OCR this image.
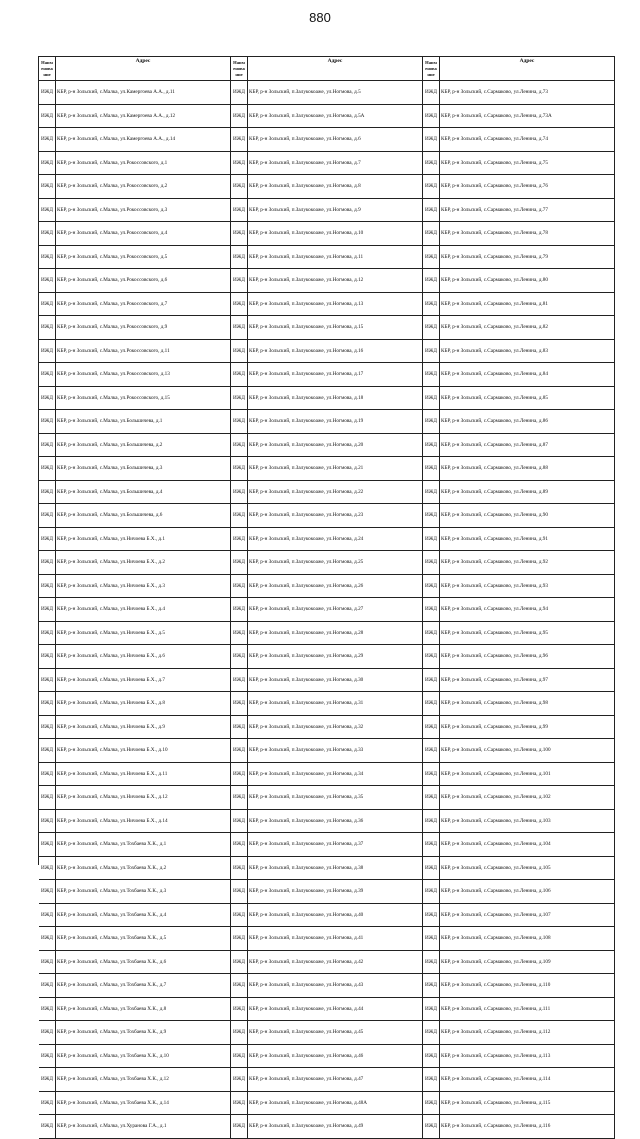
880
Наим енова ние
Адрес
ИЖД КБР, р-н Зольский, с.Малка, ул.Камергоева А.А., д.11
ИЖД КБР, р-н Зольский, с.Малка, ул.Камергоева А.А., д.12
ИЖД КБР, р-н Зольский, с.Малка, ул.Камергоева А.А., д.14
ИЖД КБР, р-н Зольский, с.Малка, ул.Рокоссовского, д.1
ИЖД КБР, р-н Зольский, с.Малка, ул.Рокоссовского, д.2
ИЖД КБР, р-н Зольский, с.Малка, ул.Рокоссовского, д.3
ИЖД КБР, р-н Зольский, с.Малка, ул.Рокоссовского, д.4
ИЖД КБР, р-н Зольский, с.Малка, ул.Рокоссовского, д.5
ИЖД КБР, р-н Зольский, с.Малка, ул.Рокоссовского, д.6
ИЖД КБР, р-н Зольский, с.Малка, ул.Рокоссовского, д.7
ИЖД КБР, р-н Зольский, с.Малка, ул.Рокоссовского, д.9
ИЖД КБР, р-н Зольский, с.Малка, ул.Рокоссовского, д.11
ИЖД КБР, р-н Зольский, с.Малка, ул.Рокоссовского, д.13
ИЖД КБР, р-н Зольский, с.Малка, ул.Рокоссовского, д.15
ИЖД КБР, р-н Зольский, с.Малка, ул.Большичева, д.1
ИЖД КБР, р-н Зольский, с.Малка, ул.Большичева, д.2
ИЖД КБР, р-н Зольский, с.Малка, ул.Большичева, д.3
ИЖД КБР, р-н Зольский, с.Малка, ул.Большичева, д.4
ИЖД КБР, р-н Зольский, с.Малка, ул.Большичева, д.6
ИЖД КБР, р-н Зольский, с.Малка, ул.Ничоева Б.Х., д.1
ИЖД КБР, р-н Зольский, с.Малка, ул.Ничоева Б.Х., д.2
ИЖД КБР, р-н Зольский, с.Малка, ул.Ничоева Б.Х., д.3
ИЖД КБР, р-н Зольский, с.Малка, ул.Ничоева Б.Х., д.4
ИЖД КБР, р-н Зольский, с.Малка, ул.Ничоева Б.Х., д.5
ИЖД КБР, р-н Зольский, с.Малка, ул.Ничоева Б.Х., д.6
ИЖД КБР, р-н Зольский, с.Малка, ул.Ничоева Б.Х., д.7
ИЖД КБР, р-н Зольский, с.Малка, ул.Ничоева Б.Х., д.8
ИЖД КБР, р-н Зольский, с.Малка, ул.Ничоева Б.Х., д.9
ИЖД КБР, р-н Зольский, с.Малка, ул.Ничоева Б.Х., д.10
ИЖД КБР, р-н Зольский, с.Малка, ул.Ничоева Б.Х., д.11
ИЖД КБР, р-н Зольский, с.Малка, ул.Ничоева Б.Х., д.12
ИЖД КБР, р-н Зольский, с.Малка, ул.Ничоева Б.Х., д.14
ИЖД КБР, р-н Зольский, с.Малка, ул.Тохбаева Х.К., д.1
ИЖД КБР, р-н Зольский, с.Малка, ул.Тохбаева Х.К., д.2
ИЖД КБР, р-н Зольский, с.Малка, ул.Тохбаева Х.К., д.3
ИЖД КБР, р-н Зольский, с.Малка, ул.Тохбаева Х.К., д.4
ИЖД КБР, р-н Зольский, с.Малка, ул.Тохбаева Х.К., д.5
ИЖД КБР, р-н Зольский, с.Малка, ул.Тохбаева Х.К., д.6
ИЖД КБР, р-н Зольский, с.Малка, ул.Тохбаева Х.К., д.7
ИЖД КБР, р-н Зольский, с.Малка, ул.Тохбаева Х.К., д.8
ИЖД КБР, р-н Зольский, с.Малка, ул.Тохбаева Х.К., д.9
ИЖД КБР, р-н Зольский, с.Малка, ул.Тохбаева Х.К., д.10
ИЖД КБР, р-н Зольский, с.Малка, ул.Тохбаева Х.К., д.12
ИЖД КБР, р-н Зольский, с.Малка, ул.Тохбаева Х.К., д.14
ИЖД КБР, р-н Зольский, с.Малка, ул.Хуранова Г.А., д.1
Наим енова ние
Адрес
ИЖД КБР, р-н Зольский, п.Залукокоаже, ул.Ногмова, д.5
ИЖД КБР, р-н Зольский, п.Залукокоаже, ул.Ногмова, д.5А
ИЖД КБР, р-н Зольский, п.Залукокоаже, ул.Ногмова, д.6
ИЖД КБР, р-н Зольский, п.Залукокоаже, ул.Ногмова, д.7
ИЖД КБР, р-н Зольский, п.Залукокоаже, ул.Ногмова, д.8
ИЖД КБР, р-н Зольский, п.Залукокоаже, ул.Ногмова, д.9
ИЖД КБР, р-н Зольский, п.Залукокоаже, ул.Ногмова, д.10
ИЖД КБР, р-н Зольский, п.Залукокоаже, ул.Ногмова, д.11
ИЖД КБР, р-н Зольский, п.Залукокоаже, ул.Ногмова, д.12
ИЖД КБР, р-н Зольский, п.Залукокоаже, ул.Ногмова, д.13
ИЖД КБР, р-н Зольский, п.Залукокоаже, ул.Ногмова, д.15
ИЖД КБР, р-н Зольский, п.Залукокоаже, ул.Ногмова, д.16
ИЖД КБР, р-н Зольский, п.Залукокоаже, ул.Ногмова, д.17
ИЖД КБР, р-н Зольский, п.Залукокоаже, ул.Ногмова, д.18
ИЖД КБР, р-н Зольский, п.Залукокоаже, ул.Ногмова, д.19
ИЖД КБР, р-н Зольский, п.Залукокоаже, ул.Ногмова, д.20
ИЖД КБР, р-н Зольский, п.Залукокоаже, ул.Ногмова, д.21
ИЖД КБР, р-н Зольский, п.Залукокоаже, ул.Ногмова, д.22
ИЖД КБР, р-н Зольский, п.Залукокоаже, ул.Ногмова, д.23
ИЖД КБР, р-н Зольский, п.Залукокоаже, ул.Ногмова, д.24
ИЖД КБР, р-н Зольский, п.Залукокоаже, ул.Ногмова, д.25
ИЖД КБР, р-н Зольский, п.Залукокоаже, ул.Ногмова, д.26
ИЖД КБР, р-н Зольский, п.Залукокоаже, ул.Ногмова, д.27
ИЖД КБР, р-н Зольский, п.Залукокоаже, ул.Ногмова, д.28
ИЖД КБР, р-н Зольский, п.Залукокоаже, ул.Ногмова, д.29
ИЖД КБР, р-н Зольский, п.Залукокоаже, ул.Ногмова, д.30
ИЖД КБР, р-н Зольский, п.Залукокоаже, ул.Ногмова, д.31
ИЖД КБР, р-н Зольский, п.Залукокоаже, ул.Ногмова, д.32
ИЖД КБР, р-н Зольский, п.Залукокоаже, ул.Ногмова, д.33
ИЖД КБР, р-н Зольский, п.Залукокоаже, ул.Ногмова, д.34
ИЖД КБР, р-н Зольский, п.Залукокоаже, ул.Ногмова, д.35
ИЖД КБР, р-н Зольский, п.Залукокоаже, ул.Ногмова, д.36
ИЖД КБР, р-н Зольский, п.Залукокоаже, ул.Ногмова, д.37
ИЖД КБР, р-н Зольский, п.Залукокоаже, ул.Ногмова, д.38
ИЖД КБР, р-н Зольский, п.Залукокоаже, ул.Ногмова, д.39
ИЖД КБР, р-н Зольский, п.Залукокоаже, ул.Ногмова, д.40
ИЖД КБР, р-н Зольский, п.Залукокоаже, ул.Ногмова, д.41
ИЖД КБР, р-н Зольский, п.Залукокоаже, ул.Ногмова, д.42
ИЖД КБР, р-н Зольский, п.Залукокоаже, ул.Ногмова, д.43
ИЖД КБР, р-н Зольский, п.Залукокоаже, ул.Ногмова, д.44
ИЖД КБР, р-н Зольский, п.Залукокоаже, ул.Ногмова, д.45
ИЖД КБР, р-н Зольский, п.Залукокоаже, ул.Ногмова, д.46
ИЖД КБР, р-н Зольский, п.Залукокоаже, ул.Ногмова, д.47
ИЖД КБР, р-н Зольский, п.Залукокоаже, ул.Ногмова, д.48А
ИЖД КБР, р-н Зольский, п.Залукокоаже, ул.Ногмова, д.49
Наим енова ние
Адрес
ИЖД КБР, р-н Зольский, с.Сармаково, ул.Ленина, д.73
ИЖД КБР, р-н Зольский, с.Сармаково, ул.Ленина, д.73А
ИЖД КБР, р-н Зольский, с.Сармаково, ул.Ленина, д.74
ИЖД КБР, р-н Зольский, с.Сармаково, ул.Ленина, д.75
ИЖД КБР, р-н Зольский, с.Сармаково, ул.Ленина, д.76
ИЖД КБР, р-н Зольский, с.Сармаково, ул.Ленина, д.77
ИЖД КБР, р-н Зольский, с.Сармаково, ул.Ленина, д.78
ИЖД КБР, р-н Зольский, с.Сармаково, ул.Ленина, д.79
ИЖД КБР, р-н Зольский, с.Сармаково, ул.Ленина, д.80
ИЖД КБР, р-н Зольский, с.Сармаково, ул.Ленина, д.81
ИЖД КБР, р-н Зольский, с.Сармаково, ул.Ленина, д.82
ИЖД КБР, р-н Зольский, с.Сармаково, ул.Ленина, д.83
ИЖД КБР, р-н Зольский, с.Сармаково, ул.Ленина, д.84
ИЖД КБР, р-н Зольский, с.Сармаково, ул.Ленина, д.85
ИЖД КБР, р-н Зольский, с.Сармаково, ул.Ленина, д.86
ИЖД КБР, р-н Зольский, с.Сармаково, ул.Ленина, д.87
ИЖД КБР, р-н Зольский, с.Сармаково, ул.Ленина, д.88
ИЖД КБР, р-н Зольский, с.Сармаково, ул.Ленина, д.89
ИЖД КБР, р-н Зольский, с.Сармаково, ул.Ленина, д.90
ИЖД КБР, р-н Зольский, с.Сармаково, ул.Ленина, д.91
ИЖД КБР, р-н Зольский, с.Сармаково, ул.Ленина, д.92
ИЖД КБР, р-н Зольский, с.Сармаково, ул.Ленина, д.93
ИЖД КБР, р-н Зольский, с.Сармаково, ул.Ленина, д.94
ИЖД КБР, р-н Зольский, с.Сармаково, ул.Ленина, д.95
ИЖД КБР, р-н Зольский, с.Сармаково, ул.Ленина, д.96
ИЖД КБР, р-н Зольский, с.Сармаково, ул.Ленина, д.97
ИЖД КБР, р-н Зольский, с.Сармаково, ул.Ленина, д.98
ИЖД КБР, р-н Зольский, с.Сармаково, ул.Ленина, д.99
ИЖД КБР, р-н Зольский, с.Сармаково, ул.Ленина, д.100
ИЖД КБР, р-н Зольский, с.Сармаково, ул.Ленина, д.101
ИЖД КБР, р-н Зольский, с.Сармаково, ул.Ленина, д.102
ИЖД КБР, р-н Зольский, с.Сармаково, ул.Ленина, д.103
ИЖД КБР, р-н Зольский, с.Сармаково, ул.Ленина, д.104
ИЖД КБР, р-н Зольский, с.Сармаково, ул.Ленина, д.105
ИЖД КБР, р-н Зольский, с.Сармаково, ул.Ленина, д.106
ИЖД КБР, р-н Зольский, с.Сармаково, ул.Ленина, д.107
ИЖД КБР, р-н Зольский, с.Сармаково, ул.Ленина, д.108
ИЖД КБР, р-н Зольский, с.Сармаково, ул.Ленина, д.109
ИЖД КБР, р-н Зольский, с.Сармаково, ул.Ленина, д.110
ИЖД КБР, р-н Зольский, с.Сармаково, ул.Ленина, д.111
ИЖД КБР, р-н Зольский, с.Сармаково, ул.Ленина, д.112
ИЖД КБР, р-н Зольский, с.Сармаково, ул.Ленина, д.113
ИЖД КБР, р-н Зольский, с.Сармаково, ул.Ленина, д.114
ИЖД КБР, р-н Зольский, с.Сармаково, ул.Ленина, д.115
ИЖД КБР, р-н Зольский, с.Сармаково, ул.Ленина, д.116
